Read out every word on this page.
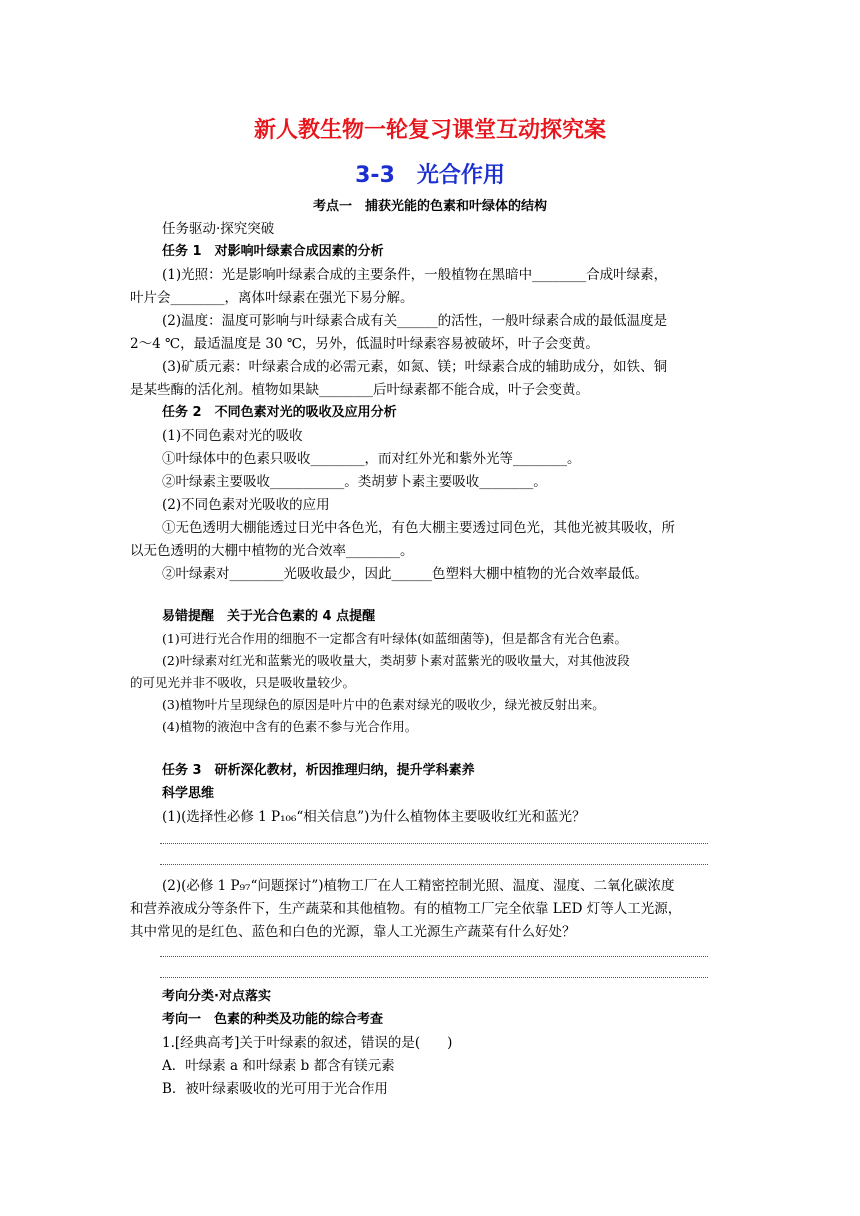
新人教生物一轮复习课堂互动探究案
3-3　光合作用
考点一　捕获光能的色素和叶绿体的结构
任务驱动·探究突破
任务 1　对影响叶绿素合成因素的分析
(1)光照：光是影响叶绿素合成的主要条件，一般植物在黑暗中________合成叶绿素，
叶片会________，离体叶绿素在强光下易分解。
(2)温度：温度可影响与叶绿素合成有关______的活性，一般叶绿素合成的最低温度是
2～4 ℃，最适温度是 30 ℃，另外，低温时叶绿素容易被破坏，叶子会变黄。
(3)矿质元素：叶绿素合成的必需元素，如氮、镁；叶绿素合成的辅助成分，如铁、铜
是某些酶的活化剂。植物如果缺________后叶绿素都不能合成，叶子会变黄。
任务 2　不同色素对光的吸收及应用分析
(1)不同色素对光的吸收
①叶绿体中的色素只吸收________，而对红外光和紫外光等________。
②叶绿素主要吸收___________。类胡萝卜素主要吸收________。
(2)不同色素对光吸收的应用
①无色透明大棚能透过日光中各色光，有色大棚主要透过同色光，其他光被其吸收，所
以无色透明的大棚中植物的光合效率________。
②叶绿素对________光吸收最少，因此______色塑料大棚中植物的光合效率最低。
易错提醒　关于光合色素的 4 点提醒
(1)可进行光合作用的细胞不一定都含有叶绿体(如蓝细菌等)，但是都含有光合色素。
(2)叶绿素对红光和蓝紫光的吸收量大，类胡萝卜素对蓝紫光的吸收量大，对其他波段
的可见光并非不吸收，只是吸收量较少。
(3)植物叶片呈现绿色的原因是叶片中的色素对绿光的吸收少，绿光被反射出来。
(4)植物的液泡中含有的色素不参与光合作用。
任务 3　研析深化教材，析因推理归纳，提升学科素养
科学思维
(1)(选择性必修 1 P₁₀₆“相关信息”)为什么植物体主要吸收红光和蓝光？
(2)(必修 1 P₉₇“问题探讨”)植物工厂在人工精密控制光照、温度、湿度、二氧化碳浓度
和营养液成分等条件下，生产蔬菜和其他植物。有的植物工厂完全依靠 LED 灯等人工光源，
其中常见的是红色、蓝色和白色的光源，靠人工光源生产蔬菜有什么好处？
考向分类·对点落实
考向一　色素的种类及功能的综合考查
1.[经典高考]关于叶绿素的叙述，错误的是(　　)
A．叶绿素 a 和叶绿素 b 都含有镁元素
B．被叶绿素吸收的光可用于光合作用
